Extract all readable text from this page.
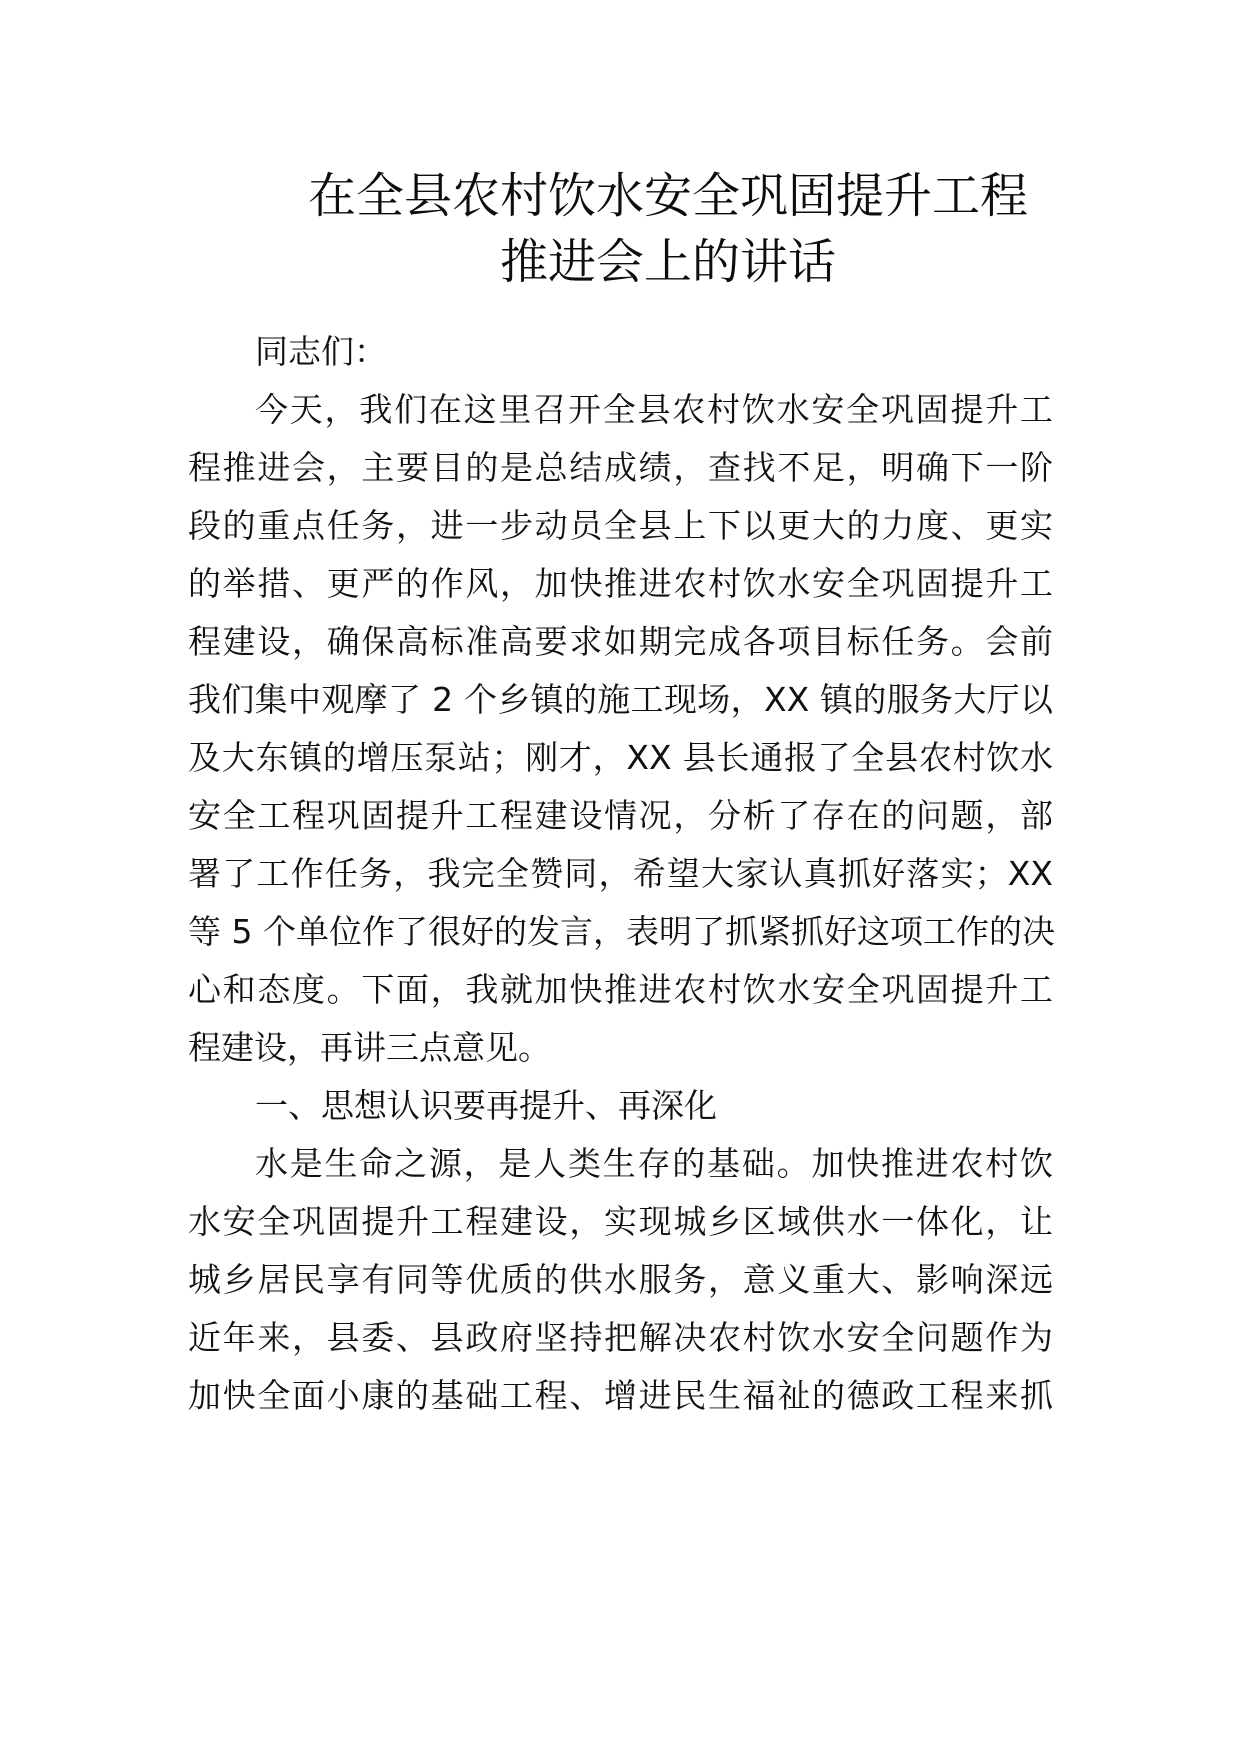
在全县农村饮水安全巩固提升工程
推进会上的讲话
同志们：
今天，我们在这里召开全县农村饮水安全巩固提升工
程推进会，主要目的是总结成绩，查找不足，明确下一阶
段的重点任务，进一步动员全县上下以更大的力度、更实
的举措、更严的作风，加快推进农村饮水安全巩固提升工
程建设，确保高标准高要求如期完成各项目标任务。会前
我们集中观摩了 2 个乡镇的施工现场，XX 镇的服务大厅以
及大东镇的增压泵站；刚才，XX 县长通报了全县农村饮水
安全工程巩固提升工程建设情况，分析了存在的问题，部
署了工作任务，我完全赞同，希望大家认真抓好落实；XX
等 5 个单位作了很好的发言，表明了抓紧抓好这项工作的决
心和态度。下面，我就加快推进农村饮水安全巩固提升工
程建设，再讲三点意见。
一、思想认识要再提升、再深化
水是生命之源，是人类生存的基础。加快推进农村饮
水安全巩固提升工程建设，实现城乡区域供水一体化，让
城乡居民享有同等优质的供水服务，意义重大、影响深远
近年来，县委、县政府坚持把解决农村饮水安全问题作为
加快全面小康的基础工程、增进民生福祉的德政工程来抓
